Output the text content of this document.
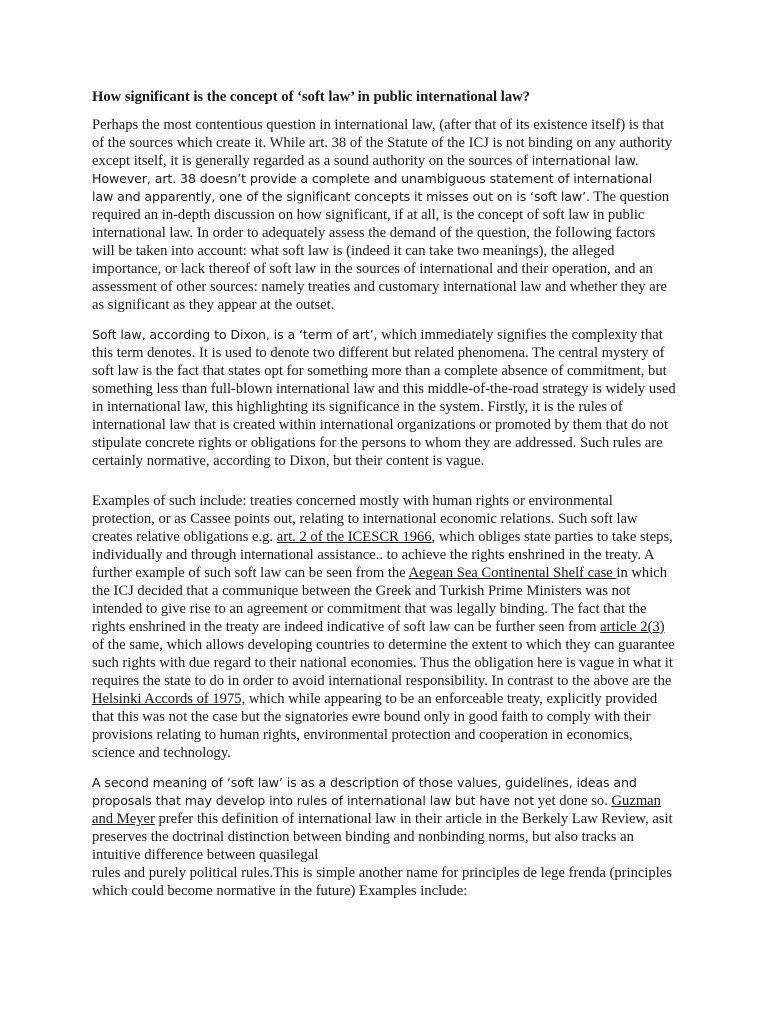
How significant is the concept of ‘soft law’ in public international law?

Perhaps the most contentious question in international law, (after that of its existence itself) is that of the sources which create it. While art. 38 of the Statute of the ICJ is not binding on any authority except itself, it is generally regarded as a sound authority on the sources of international law. However, art. 38 doesn’t provide a complete and unambiguous statement of international law and apparently, one of the significant concepts it misses out on is ‘soft law’. The question required an in-depth discussion on how significant, if at all, is the concept of soft law in public international law. In order to adequately assess the demand of the question, the following factors will be taken into account: what soft law is (indeed it can take two meanings), the alleged importance, or lack thereof of soft law in the sources of international and their operation, and an assessment of other sources: namely treaties and customary international law and whether they are as significant as they appear at the outset.

Soft law, according to Dixon, is a ‘term of art’, which immediately signifies the complexity that this term denotes. It is used to denote two different but related phenomena. The central mystery of soft law is the fact that states opt for something more than a complete absence of commitment, but something less than full-blown international law and this middle-of-the-road strategy is widely used in international law, this highlighting its significance in the system. Firstly, it is the rules of international law that is created within international organizations or promoted by them that do not stipulate concrete rights or obligations for the persons to whom they are addressed. Such rules are certainly normative, according to Dixon, but their content is vague.

Examples of such include: treaties concerned mostly with human rights or environmental protection, or as Cassee points out, relating to international economic relations. Such soft law creates relative obligations e.g. art. 2 of the ICESCR 1966, which obliges state parties to take steps, individually and through international assistance.. to achieve the rights enshrined in the treaty. A further example of such soft law can be seen from the Aegean Sea Continental Shelf case in which the ICJ decided that a communique between the Greek and Turkish Prime Ministers was not intended to give rise to an agreement or commitment that was legally binding. The fact that the rights enshrined in the treaty are indeed indicative of soft law can be further seen from article 2(3) of the same, which allows developing countries to determine the extent to which they can guarantee such rights with due regard to their national economies. Thus the obligation here is vague in what it requires the state to do in order to avoid international responsibility. In contrast to the above are the Helsinki Accords of 1975, which while appearing to be an enforceable treaty, explicitly provided that this was not the case but the signatories ewre bound only in good faith to comply with their provisions relating to human rights, environmental protection and cooperation in economics, science and technology.

A second meaning of ‘soft law’ is as a description of those values, guidelines, ideas and proposals that may develop into rules of international law but have not yet done so. Guzman and Meyer prefer this definition of international law in their article in the Berkely Law Review, asit preserves the doctrinal distinction between binding and nonbinding norms, but also tracks an intuitive difference between quasilegal
rules and purely political rules.This is simple another name for principles de lege frenda (principles which could become normative in the future) Examples include:
